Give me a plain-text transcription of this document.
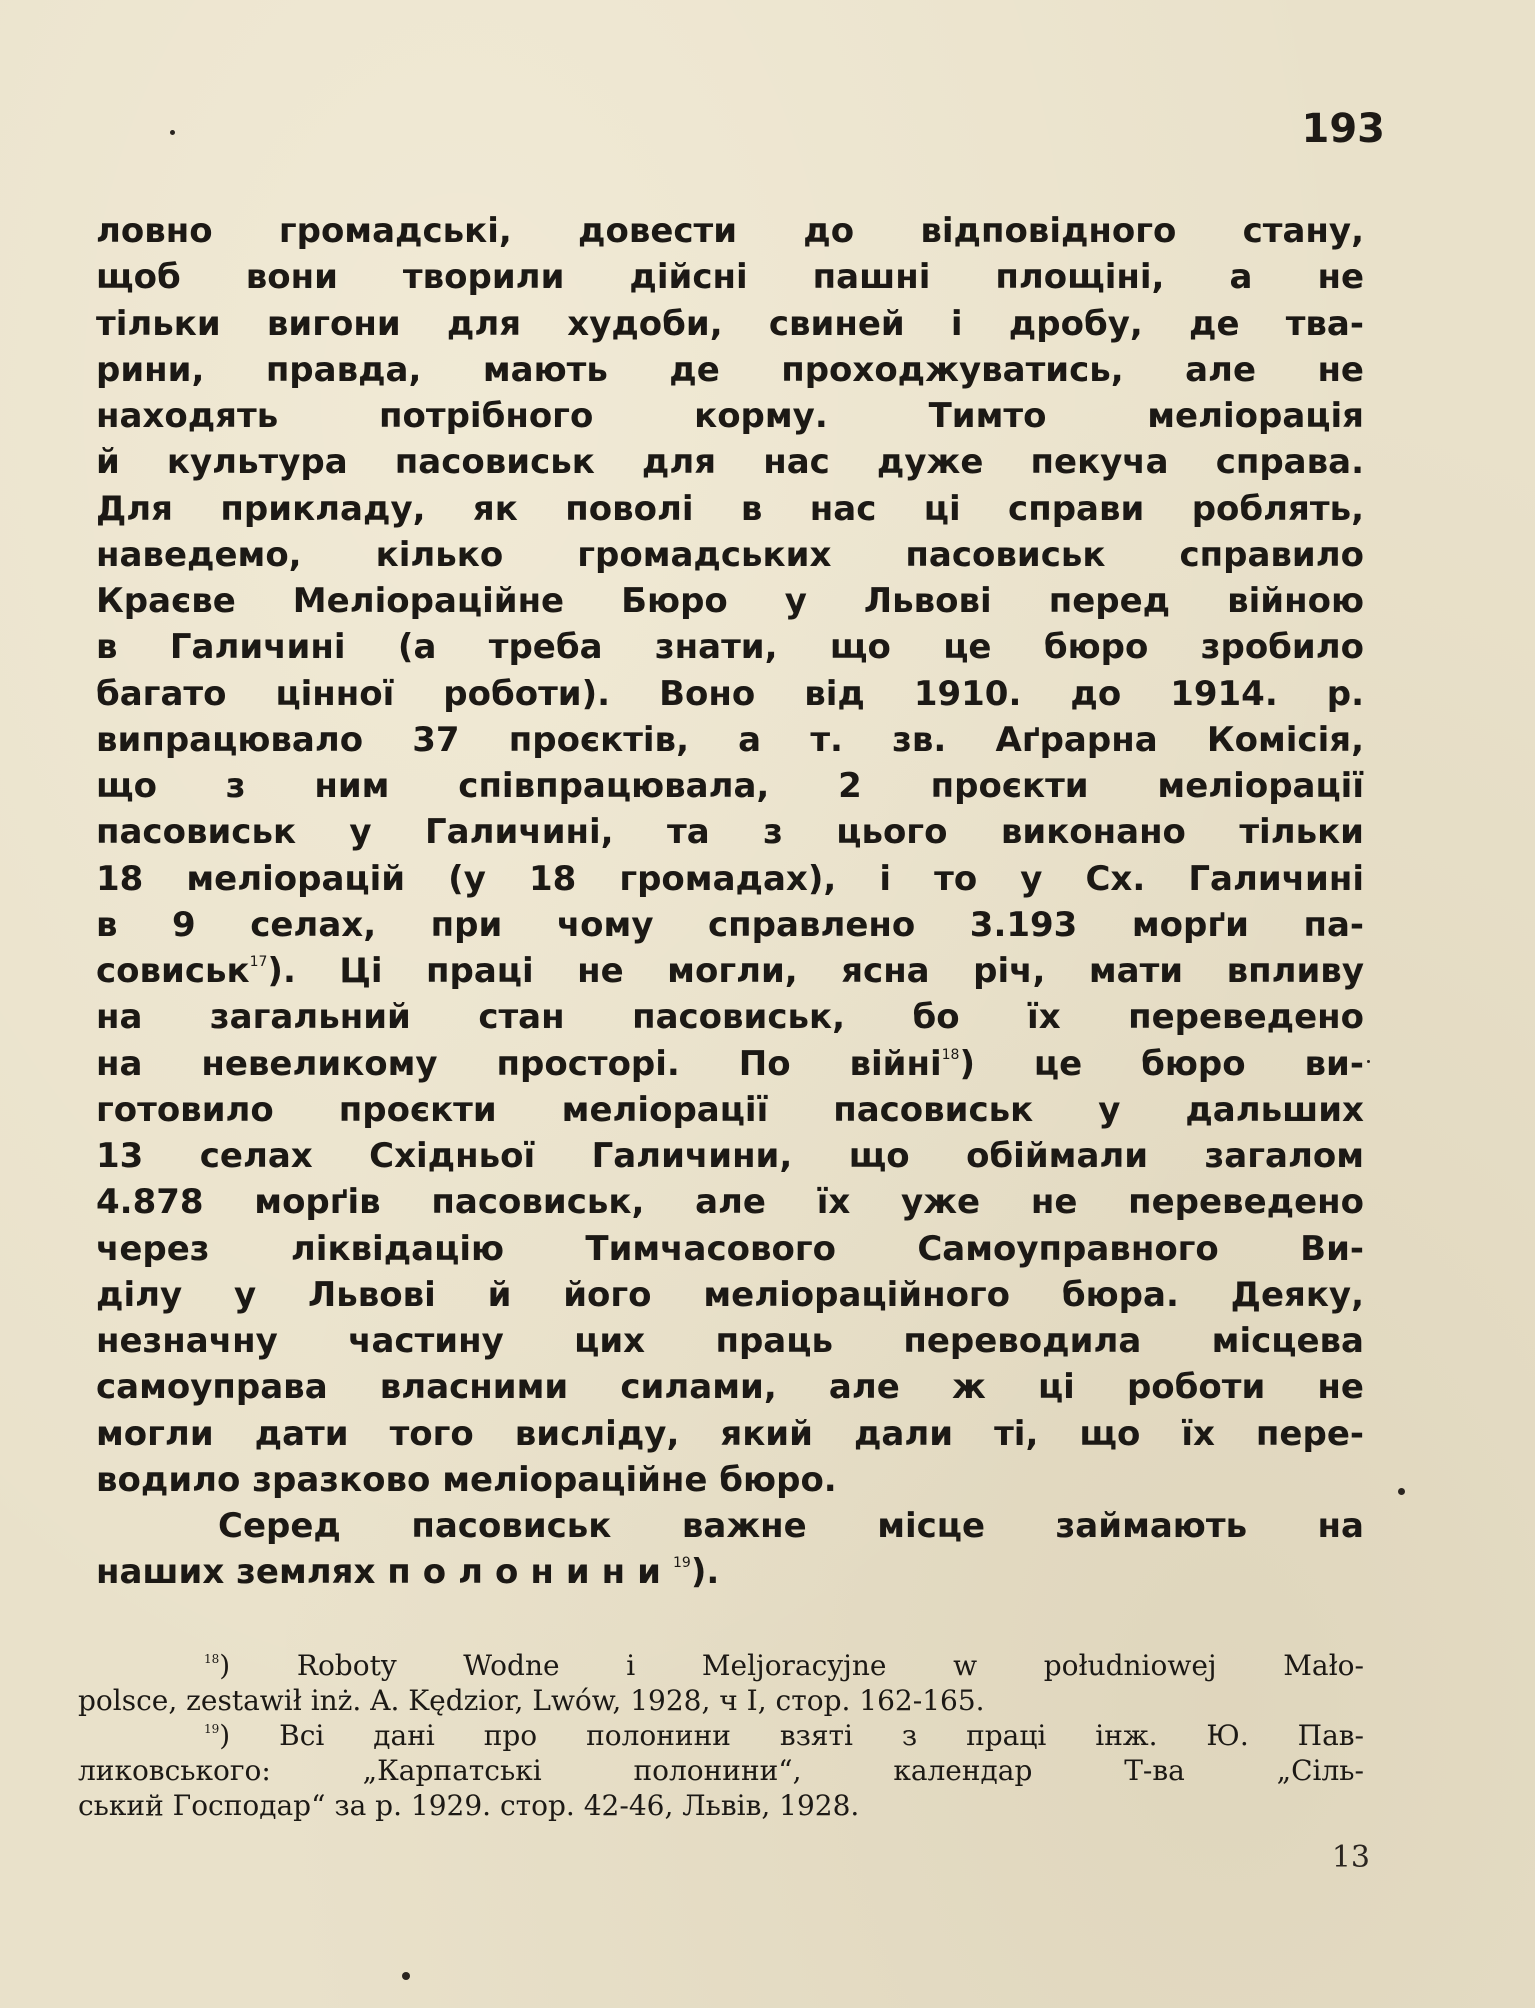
193
ловно громадські, довести до відповідного стану,
щоб вони творили дійсні пашні площіні, а не
тільки вигони для худоби, свиней і дробу, де тва-
рини, правда, мають де проходжуватись, але не
находять потрібного корму. Тимто меліорація
й культура пасовиськ для нас дуже пекуча справа.
Для прикладу, як поволі в нас ці справи роблять,
наведемо, кілько громадських пасовиськ справило
Краєве Меліораційне Бюро у Львові перед війною
в Галичині (а треба знати, що це бюро зробило
багато цінної роботи). Воно від 1910. до 1914. р.
випрацювало 37 проєктів, а т. зв. Аґрарна Комісія,
що з ним співпрацювала, 2 проєкти меліорації
пасовиськ у Галичині, та з цього виконано тільки
18 меліорацій (у 18 громадах), і то у Сх. Галичині
в 9 селах, при чому справлено 3.193 морґи па-
совиськ$^{17}$). Ці праці не могли, ясна річ, мати впливу
на загальний стан пасовиськ, бо їх переведено
на невеликому просторі. По війні$^{18}$) це бюро ви-
готовило проєкти меліорації пасовиськ у дальших
13 селах Східньої Галичини, що обіймали загалом
4.878 морґів пасовиськ, але їх уже не переведено
через ліквідацію Тимчасового Самоуправного Ви-
ділу у Львові й його меліораційного бюра. Деяку,
незначну частину цих праць переводила місцева
самоуправа власними силами, але ж ці роботи не
могли дати того висліду, який дали ті, що їх пере-
водило зразково меліораційне бюро.
Серед пасовиськ важне місце займають на
наших землях полонини$^{19}$).
$^{18}$) Roboty Wodne i Meljoracyjne w południowej Mało-
polsce, zestawił inż. A. Kędzior, Lwów, 1928, ч I, стор. 162-165.
$^{19}$) Всі дані про полонини взяті з праці інж. Ю. Пав-
ликовського: „Карпатські полонини“, календар Т-ва „Сіль-
ський Господар“ за р. 1929. стор. 42-46, Львів, 1928.
13
